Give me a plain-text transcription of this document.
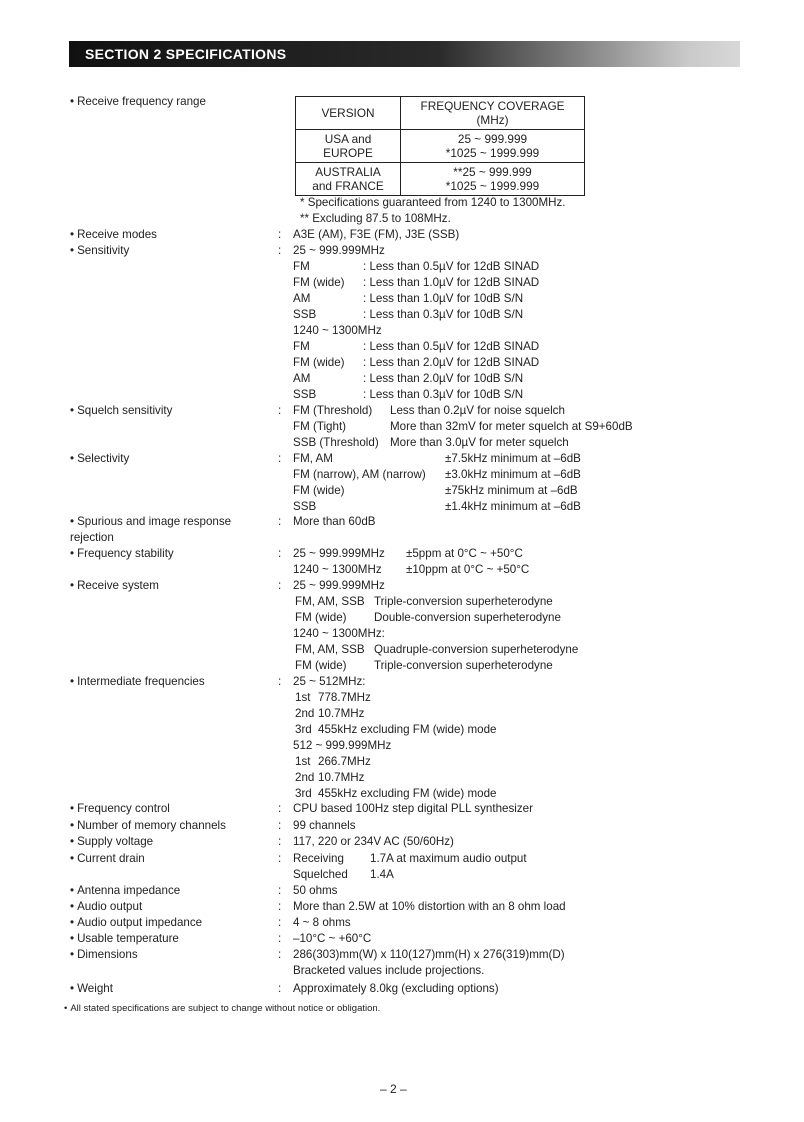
SECTION 2 SPECIFICATIONS
VERSION	FREQUENCY COVERAGE
(MHz)
USA and
EUROPE	25 ~ 999.999
*1025 ~ 1999.999
AUSTRALIA
and FRANCE	**25 ~ 999.999
*1025 ~ 1999.999
* Specifications guaranteed from 1240 to 1300MHz.
** Excluding 87.5 to 108MHz.
• Receive frequency range
• Receive modes	: A3E (AM), F3E (FM), J3E (SSB)
• Sensitivity	: 25 ~ 999.999MHz
FM	: Less than 0.5µV for 12dB SINAD
FM (wide) : Less than 1.0µV for 12dB SINAD
AM	: Less than 1.0µV for 10dB S/N
SSB	: Less than 0.3µV for 10dB S/N
1240 ~ 1300MHz
FM	: Less than 0.5µV for 12dB SINAD
FM (wide) : Less than 2.0µV for 12dB SINAD
AM	: Less than 2.0µV for 10dB S/N
SSB	: Less than 0.3µV for 10dB S/N
• Squelch sensitivity	: FM (Threshold) Less than 0.2µV for noise squelch
FM (Tight)	More than 32mV for meter squelch at S9+60dB
SSB (Threshold) More than 3.0µV for meter squelch
• Selectivity	: FM, AM	±7.5kHz minimum at –6dB
FM (narrow), AM (narrow) ±3.0kHz minimum at –6dB
FM (wide)	±75kHz minimum at –6dB
SSB	±1.4kHz minimum at –6dB
• Spurious and image response
rejection
: More than 60dB
• Frequency stability	: 25 ~ 999.999MHz ±5ppm at 0°C ~ +50°C
1240 ~ 1300MHz ±10ppm at 0°C ~ +50°C
• Receive system	: 25 ~ 999.999MHz
FM, AM, SSB Triple-conversion superheterodyne
FM (wide) Double-conversion superheterodyne
1240 ~ 1300MHz:
FM, AM, SSB Quadruple-conversion superheterodyne
FM (wide) Triple-conversion superheterodyne
• Intermediate frequencies	: 25 ~ 512MHz:
1st 778.7MHz
2nd 10.7MHz
3rd 455kHz excluding FM (wide) mode
512 ~ 999.999MHz
1st 266.7MHz
2nd 10.7MHz
3rd 455kHz excluding FM (wide) mode
• Frequency control	: CPU based 100Hz step digital PLL synthesizer
• Number of memory channels	: 99 channels
• Supply voltage	: 117, 220 or 234V AC (50/60Hz)
• Current drain	: Receiving 1.7A at maximum audio output
Squelched 1.4A
• Antenna impedance	: 50 ohms
• Audio output	: More than 2.5W at 10% distortion with an 8 ohm load
• Audio output impedance	: 4 ~ 8 ohms
• Usable temperature	: –10°C ~ +60°C
• Dimensions	: 286(303)mm(W) x 110(127)mm(H) x 276(319)mm(D)
Bracketed values include projections.
• Weight	: Approximately 8.0kg (excluding options)
• All stated specifications are subject to change without notice or obligation.
– 2 –
